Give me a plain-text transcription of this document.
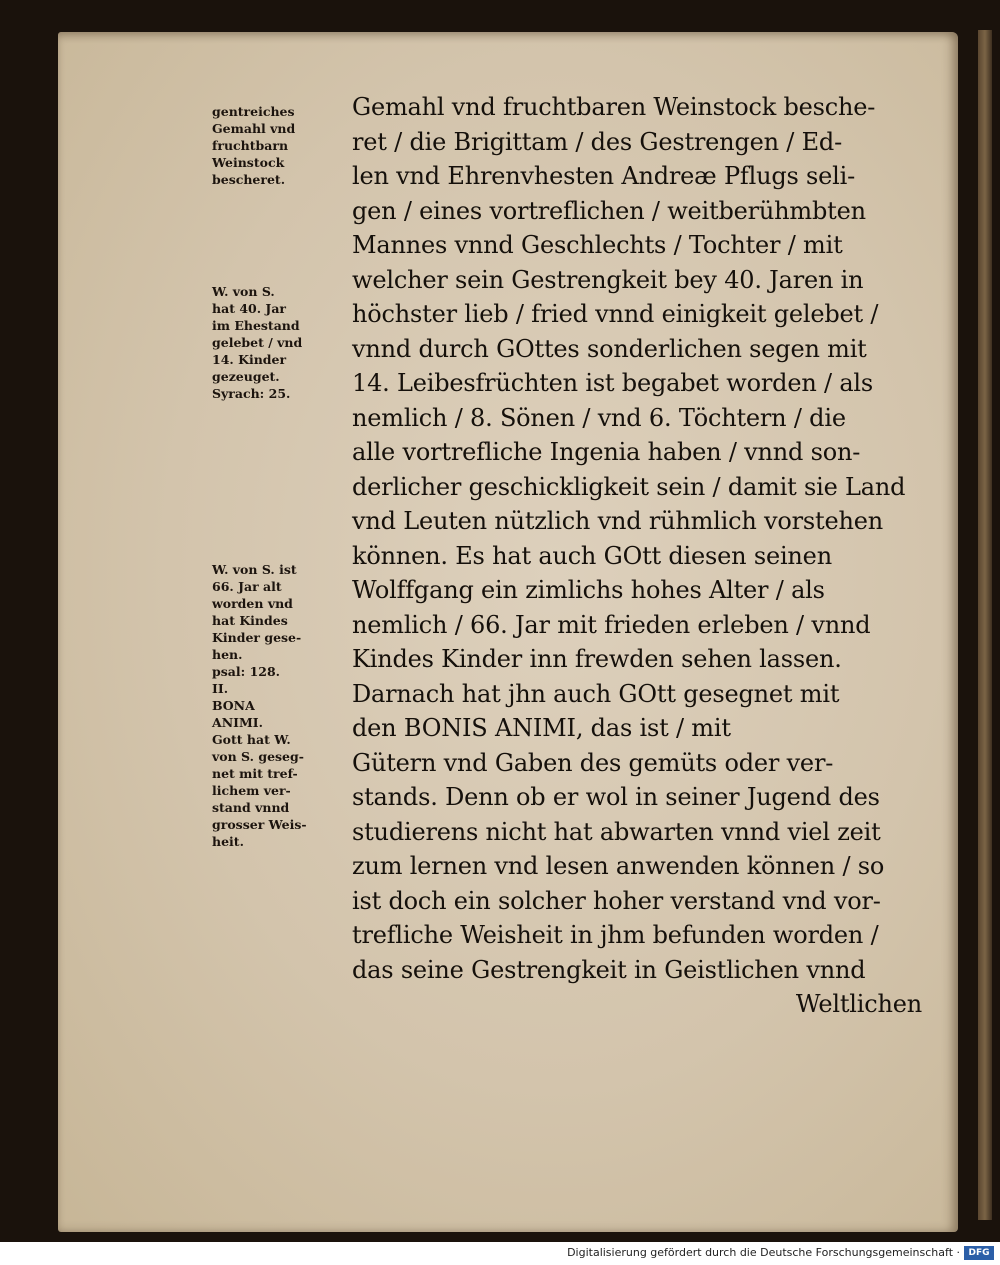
gentreiches
Gemahl vnd
fruchtbarn
Weinstock
bescheret.

W. von S.
hat 40. Jar
im Ehestand
gelebet / vnd
14. Kinder
gezeuget.
Syrach: 25.

W. von S. ist
66. Jar alt
worden vnd
hat Kindes
Kinder gese-
hen.
psal: 128.
II.
BONA
ANIMI.
Gott hat W.
von S. geseg-
net mit tref-
lichem ver-
stand vnnd
grosser Weis-
heit.

Gemahl vnd fruchtbaren Weinstock besche-
ret / die Brigittam / des Gestrengen / Ed-
len vnd Ehrenvhesten Andreæ Pflugs seli-
gen / eines vortreflichen / weitberühmbten
Mannes vnnd Geschlechts / Tochter / mit
welcher sein Gestrengkeit bey 40. Jaren in
höchster lieb / fried vnnd einigkeit gelebet /
vnnd durch GOttes sonderlichen segen mit
14. Leibesfrüchten ist begabet worden / als
nemlich / 8. Sönen / vnd 6. Töchtern / die
alle vortrefliche Ingenia haben / vnnd son-
derlicher geschickligkeit sein / damit sie Land
vnd Leuten nützlich vnd rühmlich vorstehen
können. Es hat auch GOtt diesen seinen
Wolffgang ein zimlichs hohes Alter / als
nemlich / 66. Jar mit frieden erleben / vnnd
Kindes Kinder inn frewden sehen lassen.
Darnach hat jhn auch GOtt gesegnet mit
den BONIS ANIMI, das ist / mit
Gütern vnd Gaben des gemüts oder ver-
stands. Denn ob er wol in seiner Jugend des
studierens nicht hat abwarten vnnd viel zeit
zum lernen vnd lesen anwenden können / so
ist doch ein solcher hoher verstand vnd vor-
trefliche Weisheit in jhm befunden worden /
das seine Gestrengkeit in Geistlichen vnnd
Weltlichen
Digitalisierung gefördert durch die Deutsche Forschungsgemeinschaft · DFG
